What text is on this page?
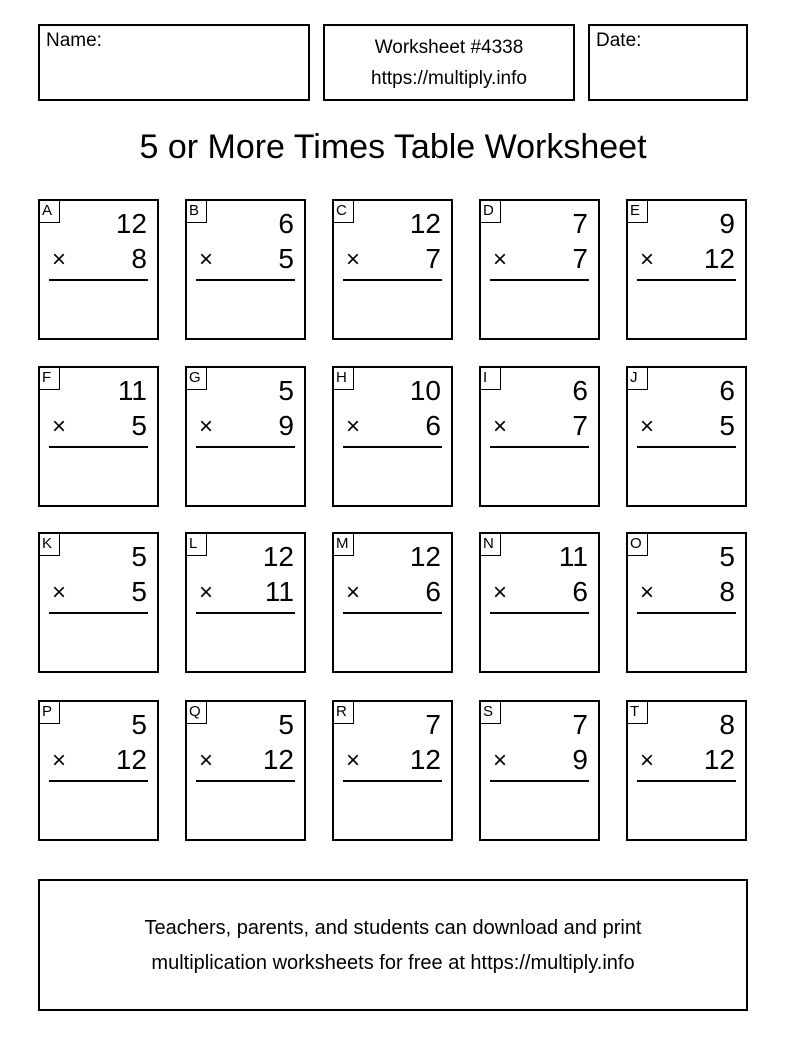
Name:	Worksheet #4338
https://multiply.info
Date:
5 or More Times Table Worksheet
A 12
× 8
B	6
× 5
C 12
× 7
D	7
× 7
E	9
× 12
F	11
× 5
G	5
× 9
H 10
× 6
I	6
× 7
J	6
× 5
K	5
× 5
L	12
× 11
M 12
× 6
N 11
× 6
O	5
× 8
P	5
× 12
Q	5
× 12
R	7
× 12
S	7
× 9
T	8
× 12
Teachers, parents, and students can download and print
multiplication worksheets for free at https://multiply.info
